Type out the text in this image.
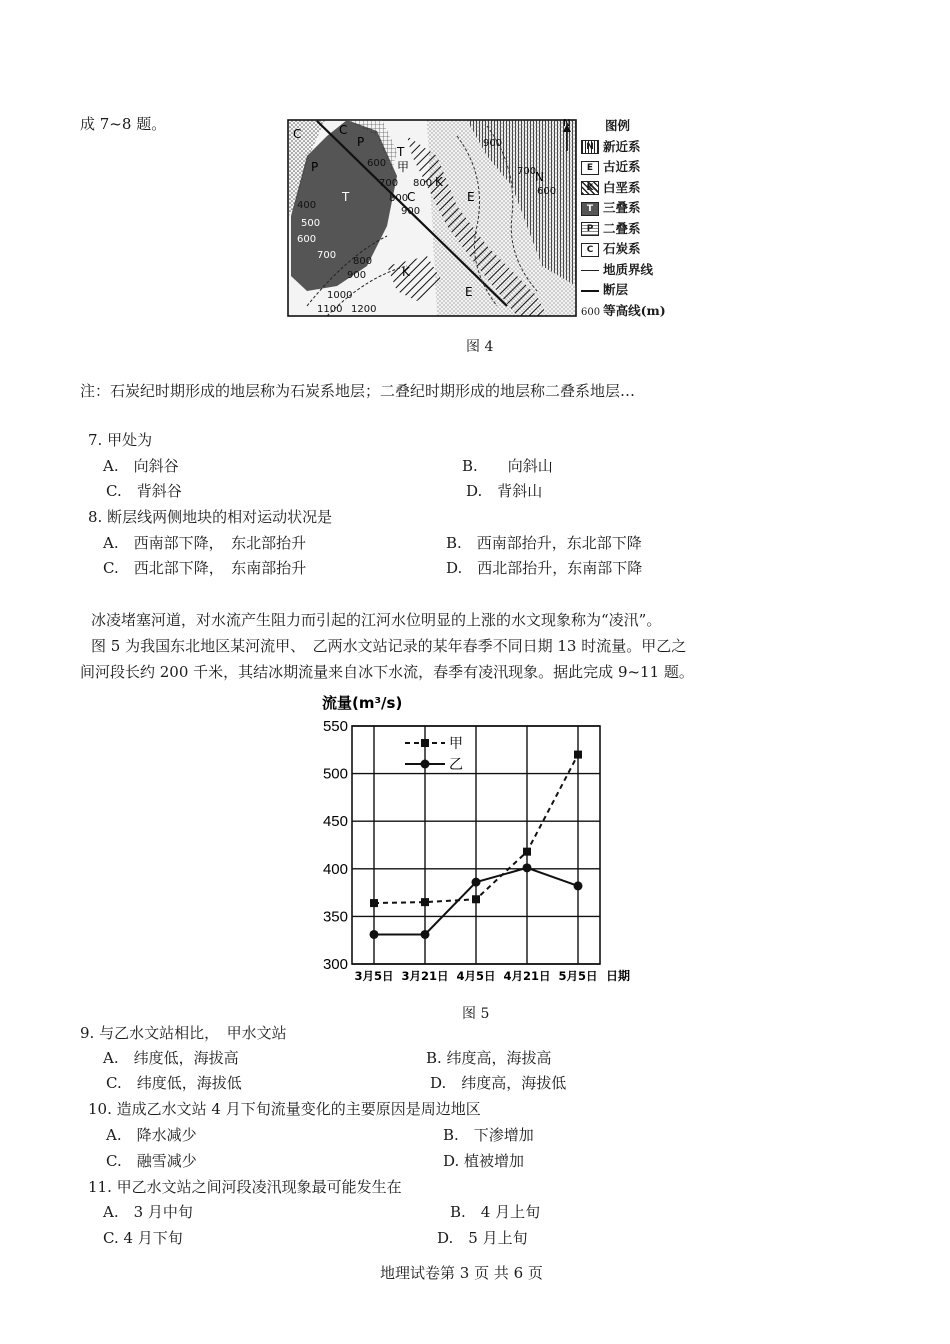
成 7~8 题。
C
P
C
P
T
T
甲
C
K
E
E
N
K
600
700
800
800
900
900
700
600
400
500
600
700
800
900
1000
1100 1200
N	图例
N 新近系
E 古近系
K 白垩系
T 三叠系
P 二叠系
C 石炭系
地质界线
断层
600 等高线(m)
图 4
注：石炭纪时期形成的地层称为石炭系地层；二叠纪时期形成的地层称二叠系地层…
7. 甲处为
A.　向斜谷	B.　　向斜山
C.　背斜谷	D.　背斜山
8. 断层线两侧地块的相对运动状况是
A.　西南部下降，　东北部抬升	B.　西南部抬升，东北部下降
C.　西北部下降，　东南部抬升	D.　西北部抬升，东南部下降
冰凌堵塞河道，对水流产生阻力而引起的江河水位明显的上涨的水文现象称为“凌汛”。
图 5 为我国东北地区某河流甲、　乙两水文站记录的某年春季不同日期 13 时流量。甲乙之
间河段长约 200 千米，其结冰期流量来自冰下水流，春季有凌汛现象。据此完成 9~11 题。
300
350
400
450
500
550
3月5日 3月21日 4月5日 4月21日 5月5日
流量(m³/s)
日期
甲
乙
图 5
9. 与乙水文站相比，　甲水文站
A.　纬度低，海拔高	B. 纬度高，海拔高
C.　纬度低，海拔低	D.　纬度高，海拔低
10. 造成乙水文站 4 月下旬流量变化的主要原因是周边地区
A.　降水减少	B.　下渗增加
C.　融雪减少	D. 植被增加
11. 甲乙水文站之间河段凌汛现象最可能发生在
A.　3 月中旬	B.　4 月上旬
C. 4 月下旬	D.　5 月上旬
地理试卷第 3 页 共 6 页
